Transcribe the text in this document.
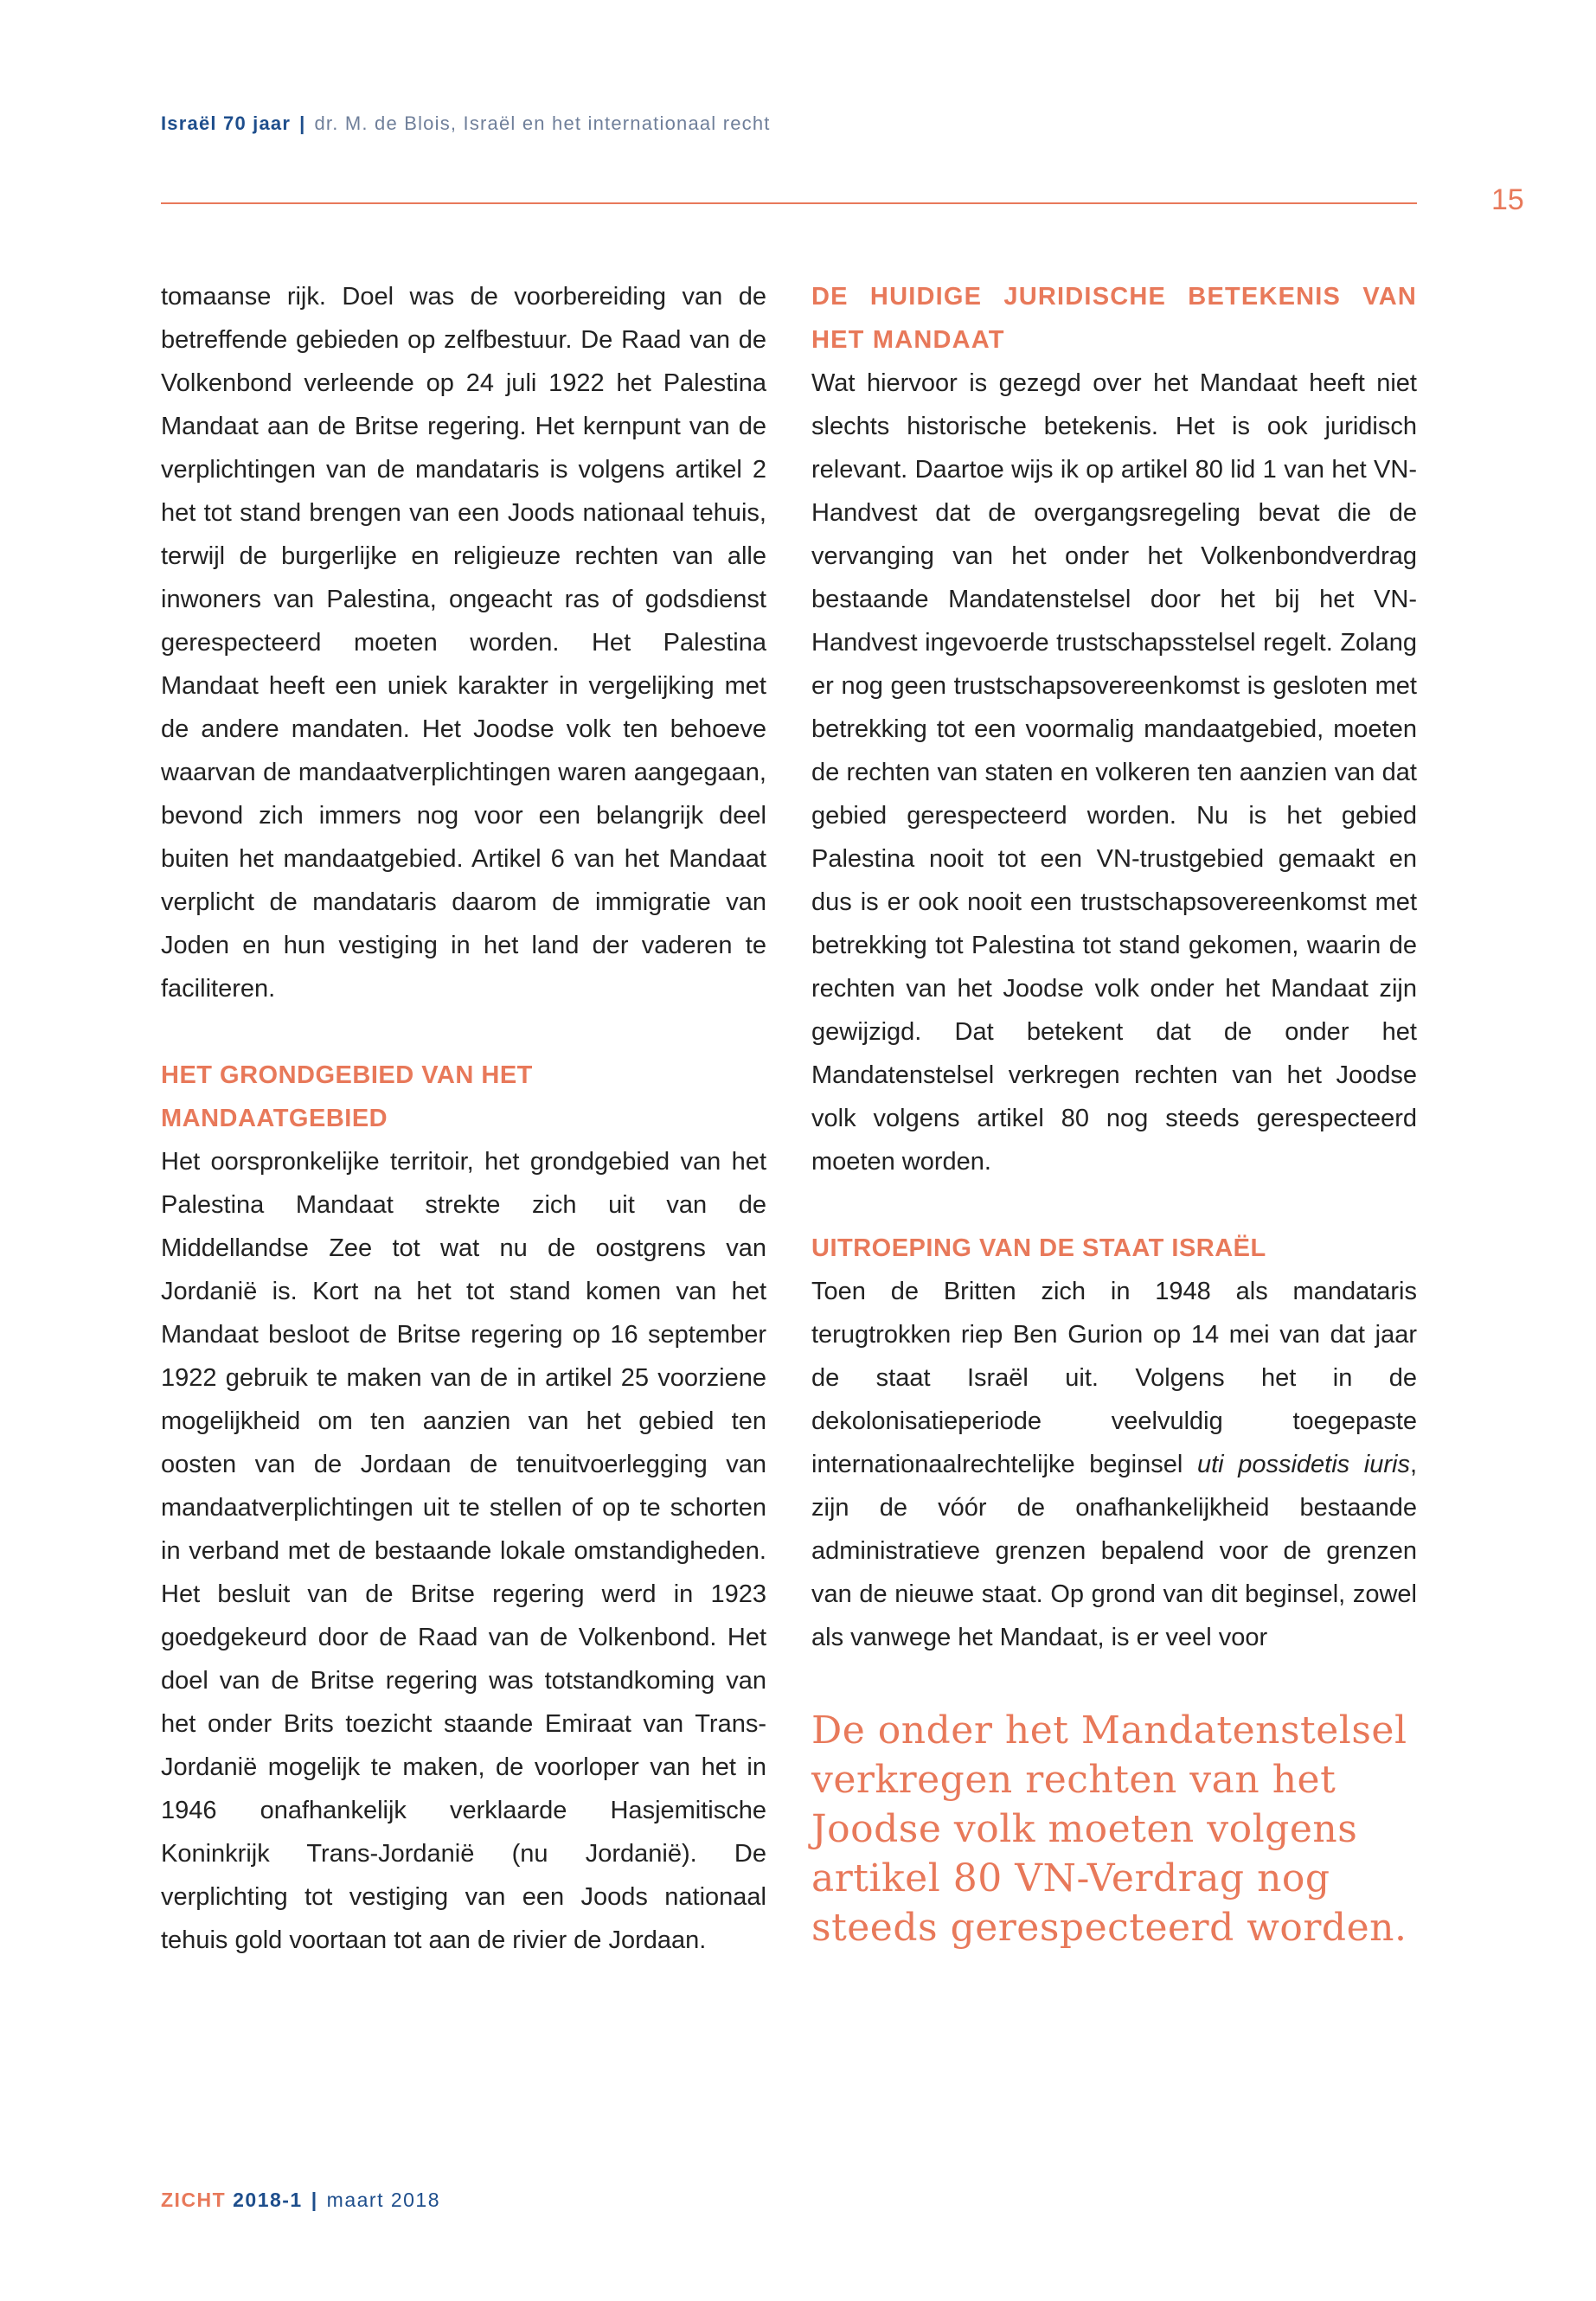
Israël 70 jaar | dr. M. de Blois, Israël en het internationaal recht
15

tomaanse rijk. Doel was de voorbereiding van de betreffende gebieden op zelfbestuur. De Raad van de Volkenbond verleende op 24 juli 1922 het Palestina Mandaat aan de Britse regering. Het kernpunt van de verplichtingen van de mandataris is volgens artikel 2 het tot stand brengen van een Joods nationaal tehuis, terwijl de burgerlijke en religieuze rechten van alle inwoners van Palestina, ongeacht ras of godsdienst gerespecteerd moeten worden. Het Palestina Mandaat heeft een uniek karakter in vergelijking met de andere mandaten. Het Joodse volk ten behoeve waarvan de mandaatverplichtingen waren aangegaan, bevond zich immers nog voor een belangrijk deel buiten het mandaatgebied. Artikel 6 van het Mandaat verplicht de mandataris daarom de immigratie van Joden en hun vestiging in het land der vaderen te faciliteren.

HET GRONDGEBIED VAN HET MANDAATGEBIED

Het oorspronkelijke territoir, het grondgebied van het Palestina Mandaat strekte zich uit van de Middellandse Zee tot wat nu de oostgrens van Jordanië is. Kort na het tot stand komen van het Mandaat besloot de Britse regering op 16 september 1922 gebruik te maken van de in artikel 25 voorziene mogelijkheid om ten aanzien van het gebied ten oosten van de Jordaan de tenuitvoerlegging van mandaatverplichtingen uit te stellen of op te schorten in verband met de bestaande lokale omstandigheden. Het besluit van de Britse regering werd in 1923 goedgekeurd door de Raad van de Volkenbond. Het doel van de Britse regering was totstandkoming van het onder Brits toezicht staande Emiraat van Trans-Jordanië mogelijk te maken, de voorloper van het in 1946 onafhankelijk verklaarde Hasjemitische Koninkrijk Trans-Jordanië (nu Jordanië). De verplichting tot vestiging van een Joods nationaal tehuis gold voortaan tot aan de rivier de Jordaan.

DE HUIDIGE JURIDISCHE BETEKENIS VAN HET MANDAAT

Wat hiervoor is gezegd over het Mandaat heeft niet slechts historische betekenis. Het is ook juridisch relevant. Daartoe wijs ik op artikel 80 lid 1 van het VN-Handvest dat de overgangsregeling bevat die de vervanging van het onder het Volkenbondverdrag bestaande Mandatenstelsel door het bij het VN-Handvest ingevoerde trustschapsstelsel regelt. Zolang er nog geen trustschapsovereenkomst is gesloten met betrekking tot een voormalig mandaatgebied, moeten de rechten van staten en volkeren ten aanzien van dat gebied gerespecteerd worden. Nu is het gebied Palestina nooit tot een VN-trustgebied gemaakt en dus is er ook nooit een trustschapsovereenkomst met betrekking tot Palestina tot stand gekomen, waarin de rechten van het Joodse volk onder het Mandaat zijn gewijzigd. Dat betekent dat de onder het Mandatenstelsel verkregen rechten van het Joodse volk volgens artikel 80 nog steeds gerespecteerd moeten worden.

UITROEPING VAN DE STAAT ISRAËL

Toen de Britten zich in 1948 als mandataris terugtrokken riep Ben Gurion op 14 mei van dat jaar de staat Israël uit. Volgens het in de dekolonisatieperiode veelvuldig toegepaste internationaalrechtelijke beginsel uti possidetis iuris, zijn de vóór de onafhankelijkheid bestaande administratieve grenzen bepalend voor de grenzen van de nieuwe staat. Op grond van dit beginsel, zowel als vanwege het Mandaat, is er veel voor

De onder het Mandatenstelsel verkregen rechten van het Joodse volk moeten volgens artikel 80 VN-Verdrag nog steeds gerespecteerd worden.
ZICHT 2018-1 | maart 2018
